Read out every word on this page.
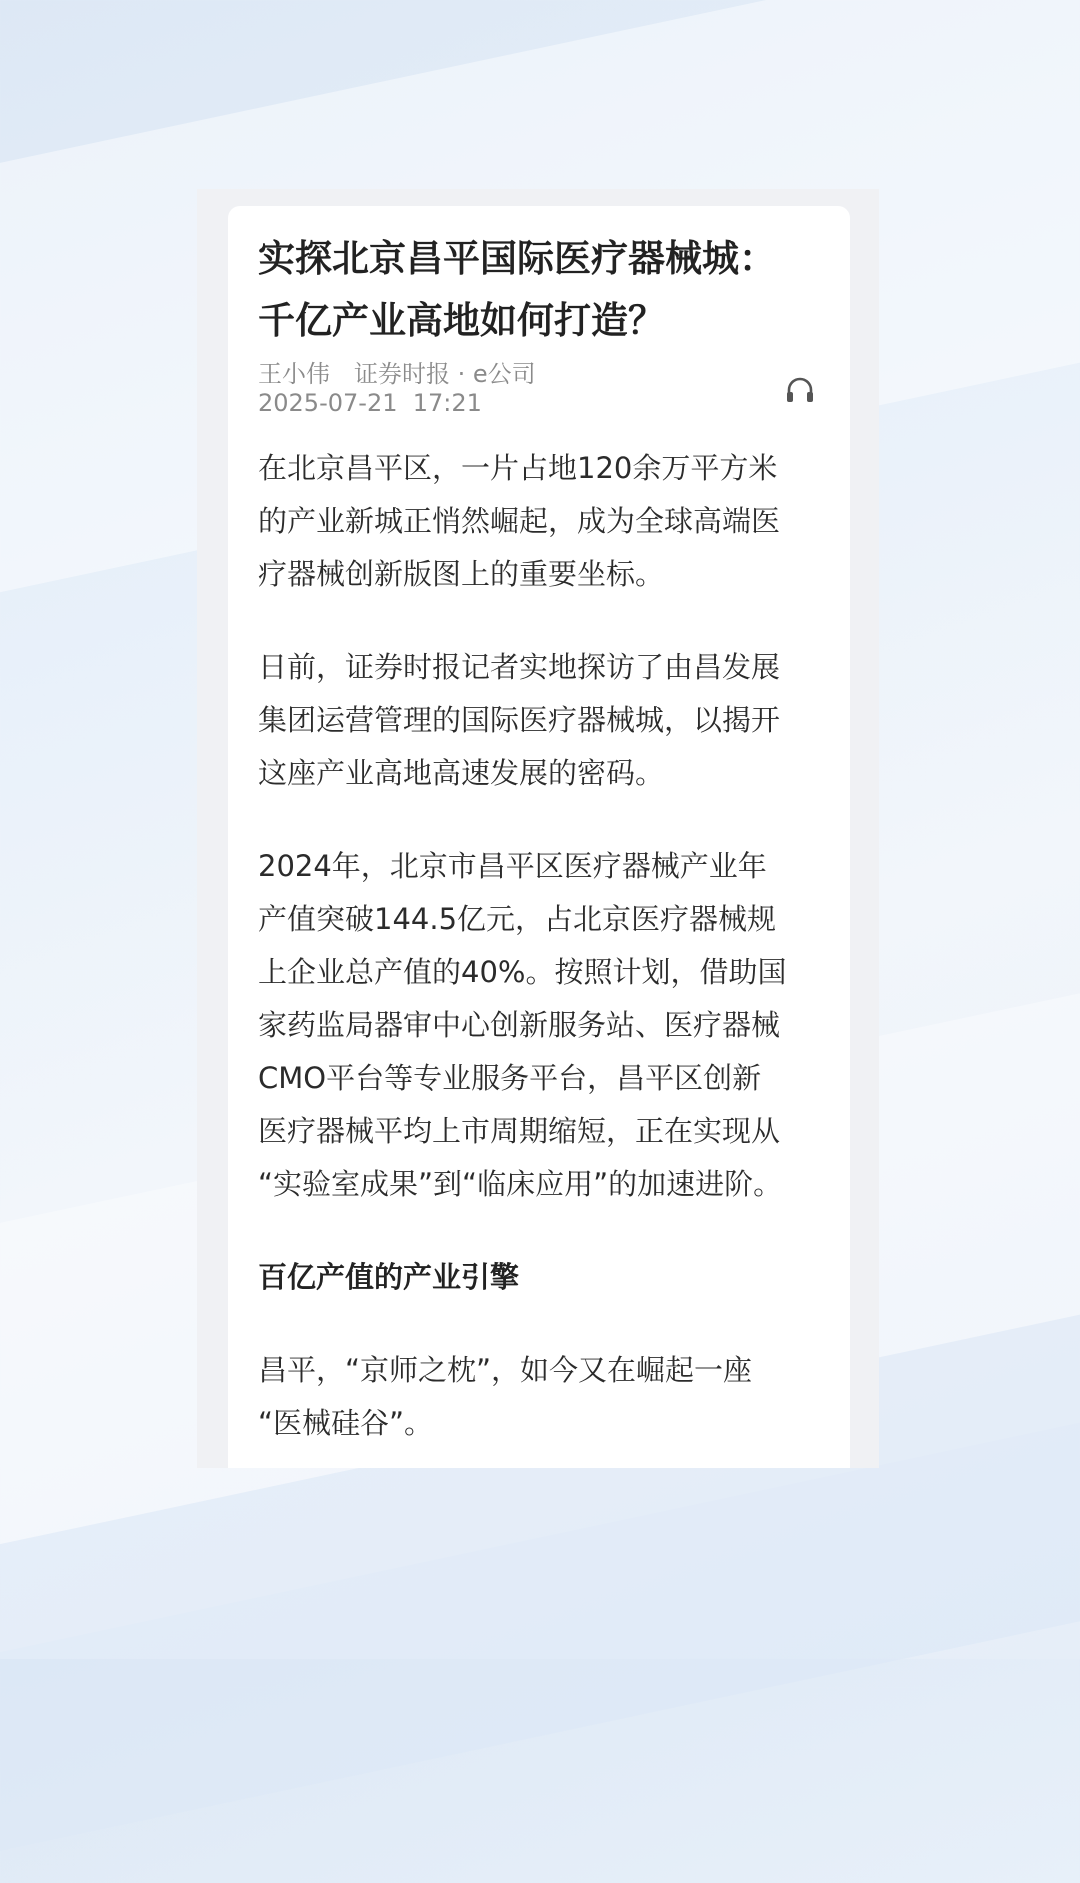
实探北京昌平国际医疗器械城：
千亿产业高地如何打造？
王小伟 证券时报 · e公司
2025-07-21  17:21

在北京昌平区，一片占地120余万平方米
的产业新城正悄然崛起，成为全球高端医
疗器械创新版图上的重要坐标。

日前，证券时报记者实地探访了由昌发展
集团运营管理的国际医疗器械城，以揭开
这座产业高地高速发展的密码。

2024年，北京市昌平区医疗器械产业年
产值突破144.5亿元，占北京医疗器械规
上企业总产值的40%。按照计划，借助国
家药监局器审中心创新服务站、医疗器械
CMO平台等专业服务平台，昌平区创新
医疗器械平均上市周期缩短，正在实现从
“实验室成果”到“临床应用”的加速进阶。

百亿产值的产业引擎

昌平，“京师之枕”，如今又在崛起一座
“医械硅谷”。
